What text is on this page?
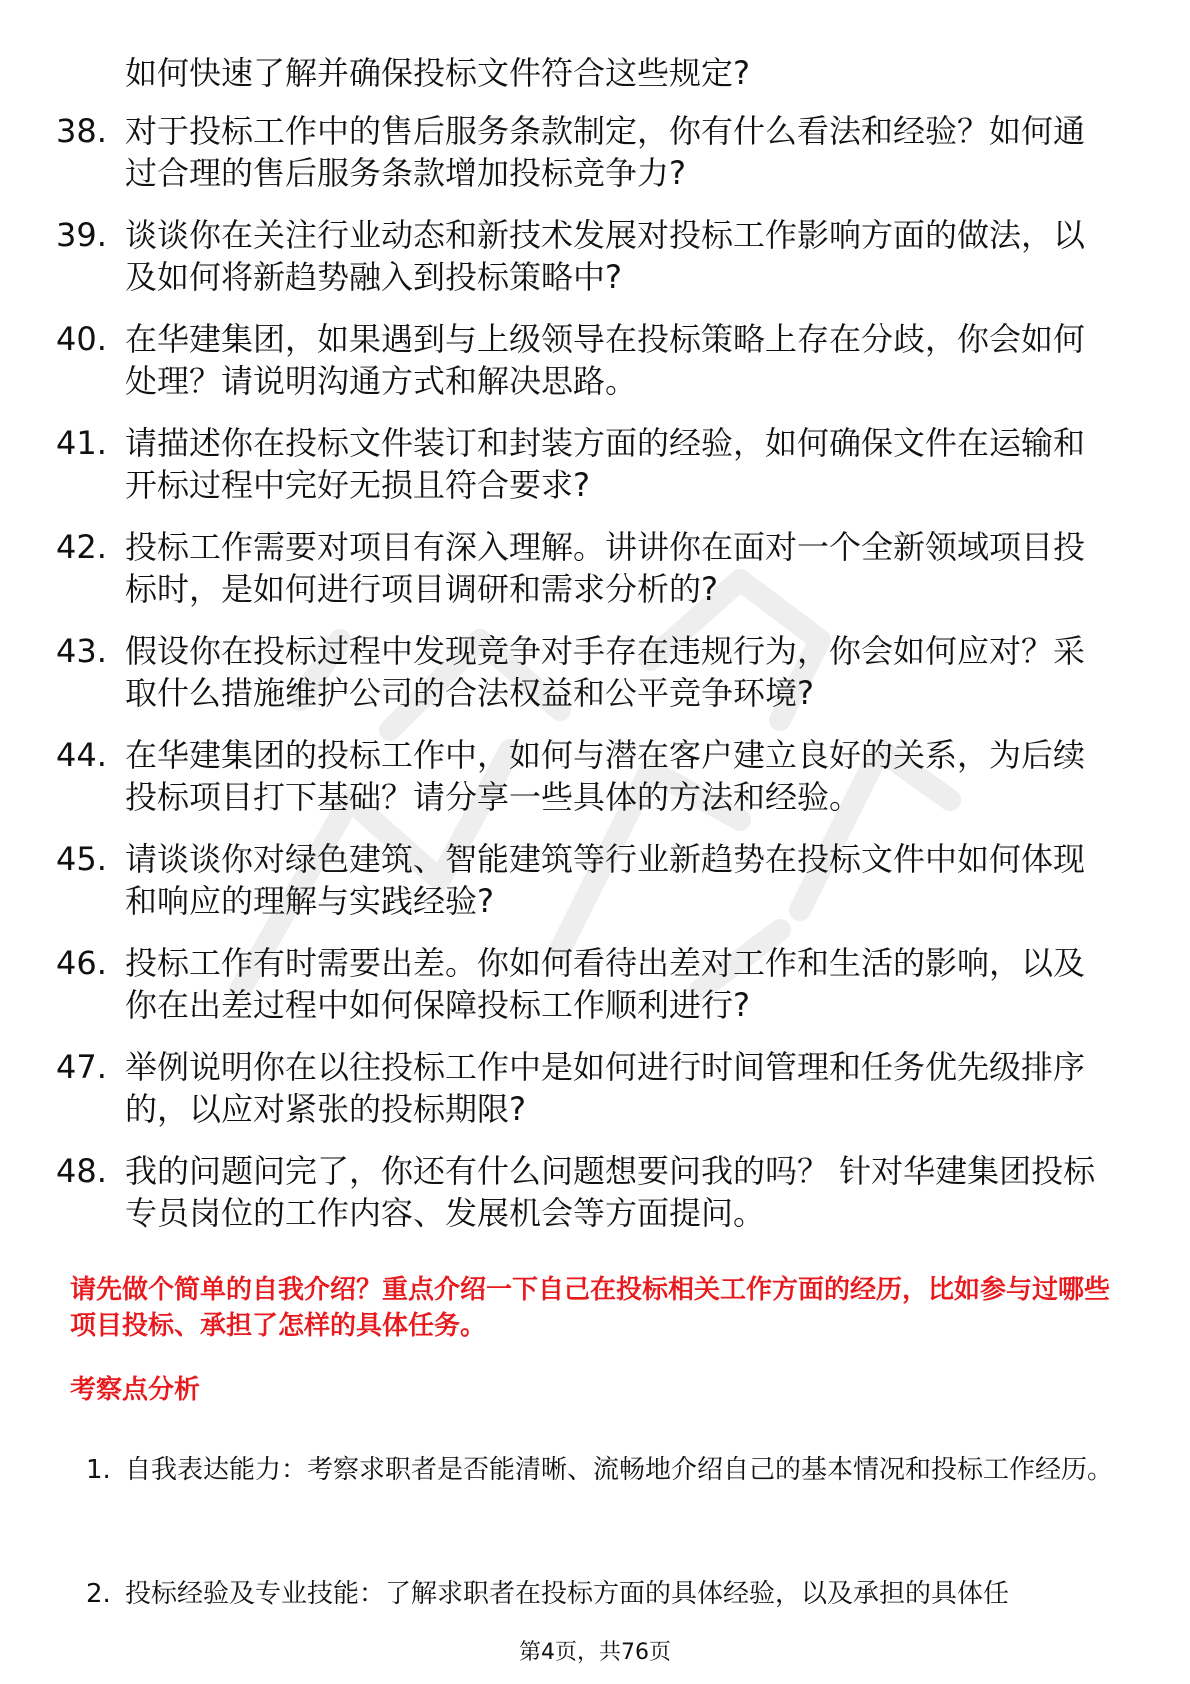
如何快速了解并确保投标文件符合这些规定?
38. 对于投标工作中的售后服务条款制定，你有什么看法和经验？如何通过合理的售后服务条款增加投标竞争力?
39. 谈谈你在关注行业动态和新技术发展对投标工作影响方面的做法，以及如何将新趋势融入到投标策略中?
40. 在华建集团，如果遇到与上级领导在投标策略上存在分歧，你会如何处理？请说明沟通方式和解决思路。
41. 请描述你在投标文件装订和封装方面的经验，如何确保文件在运输和开标过程中完好无损且符合要求?
42. 投标工作需要对项目有深入理解。讲讲你在面对一个全新领域项目投标时，是如何进行项目调研和需求分析的?
43. 假设你在投标过程中发现竞争对手存在违规行为，你会如何应对？采取什么措施维护公司的合法权益和公平竞争环境?
44. 在华建集团的投标工作中，如何与潜在客户建立良好的关系，为后续投标项目打下基础？请分享一些具体的方法和经验。
45. 请谈谈你对绿色建筑、智能建筑等行业新趋势在投标文件中如何体现和响应的理解与实践经验?
46. 投标工作有时需要出差。你如何看待出差对工作和生活的影响，以及你在出差过程中如何保障投标工作顺利进行?
47. 举例说明你在以往投标工作中是如何进行时间管理和任务优先级排序的，以应对紧张的投标期限?
48. 我的问题问完了，你还有什么问题想要问我的吗？ 针对华建集团投标专员岗位的工作内容、发展机会等方面提问。
请先做个简单的自我介绍？重点介绍一下自己在投标相关工作方面的经历，比如参与过哪些项目投标、承担了怎样的具体任务。
考察点分析
1. 自我表达能力：考察求职者是否能清晰、流畅地介绍自己的基本情况和投标工作经历。
2. 投标经验及专业技能：了解求职者在投标方面的具体经验，以及承担的具体任
第4页，共76页
